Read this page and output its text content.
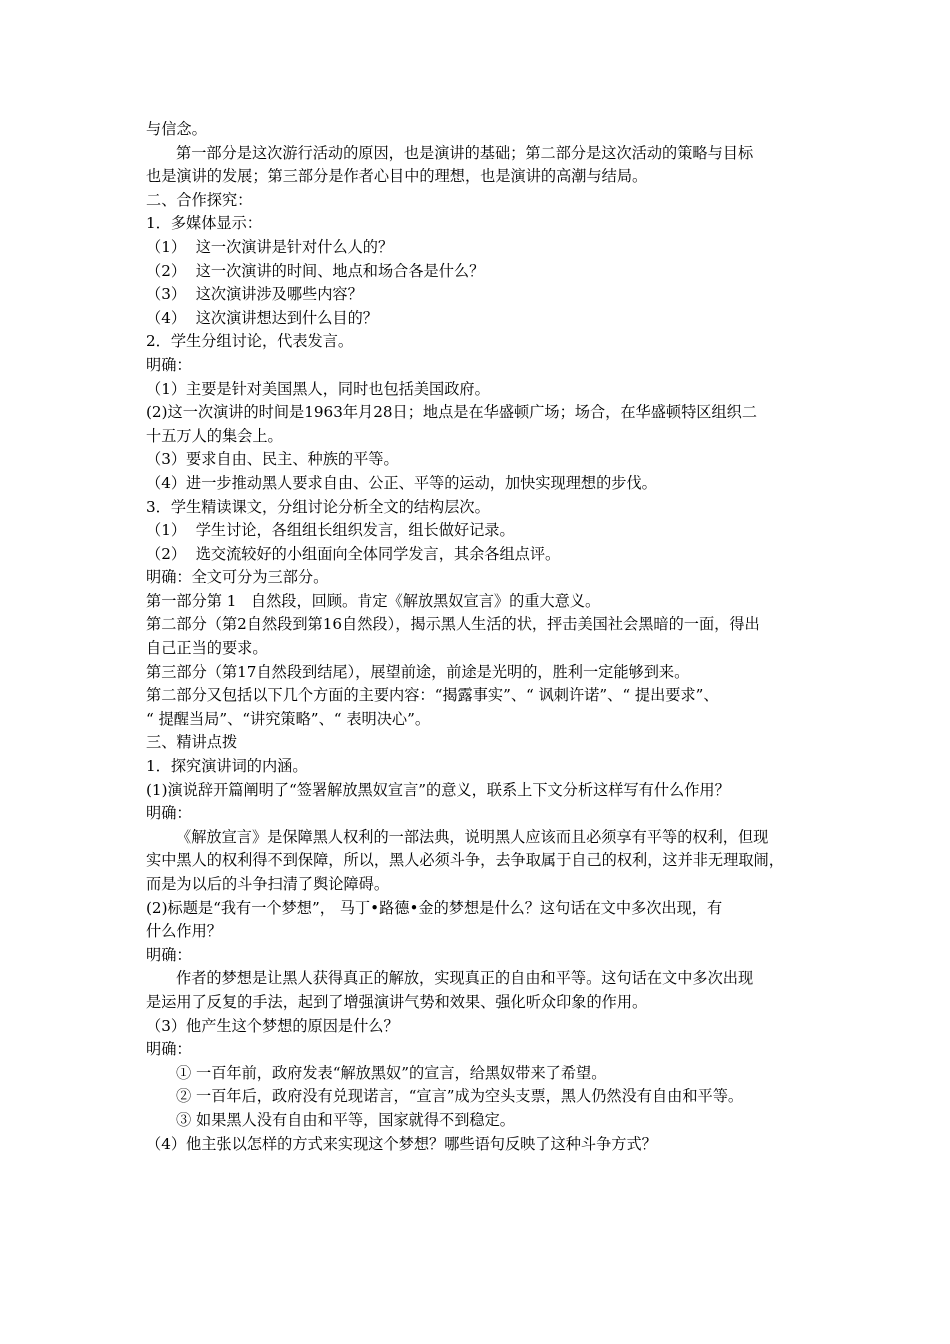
与信念。
第一部分是这次游行活动的原因，也是演讲的基础；第二部分是这次活动的策略与目标
也是演讲的发展；第三部分是作者心目中的理想，也是演讲的高潮与结局。
二、合作探究：
1．多媒体显示：
（1）  这一次演讲是针对什么人的？
（2）  这一次演讲的时间、地点和场合各是什么？
（3）  这次演讲涉及哪些内容？
（4）  这次演讲想达到什么目的？
2．学生分组讨论，代表发言。
明确：
（1）主要是针对美国黑人，同时也包括美国政府。
(2)这一次演讲的时间是1963年月28日；地点是在华盛顿广场；场合，在华盛顿特区组织二
十五万人的集会上。
（3）要求自由、民主、种族的平等。
（4）进一步推动黑人要求自由、公正、平等的运动，加快实现理想的步伐。
3．学生精读课文，分组讨论分析全文的结构层次。
（1）  学生讨论，各组组长组织发言，组长做好记录。
（2）  选交流较好的小组面向全体同学发言，其余各组点评。
明确：全文可分为三部分。
第一部分第 1   自然段，回顾。肯定《解放黑奴宣言》的重大意义。
第二部分（第2自然段到第16自然段），揭示黑人生活的状，抨击美国社会黑暗的一面，得出
自己正当的要求。
第三部分（第17自然段到结尾），展望前途，前途是光明的，胜利一定能够到来。
第二部分又包括以下几个方面的主要内容：“揭露事实”、“ 讽刺许诺”、“ 提出要求”、
“ 提醒当局”、“讲究策略”、“ 表明决心”。
三、精讲点拨
1．探究演讲词的内涵。
(1)演说辞开篇阐明了“签署解放黑奴宣言”的意义，联系上下文分析这样写有什么作用？
明确：
《解放宣言》是保障黑人权利的一部法典，说明黑人应该而且必须享有平等的权利，但现
实中黑人的权利得不到保障，所以，黑人必须斗争，去争取属于自己的权利，这并非无理取闹，
而是为以后的斗争扫清了舆论障碍。
(2)标题是“我有一个梦想”， 马丁•路德•金的梦想是什么？这句话在文中多次出现，有
什么作用？
明确：
作者的梦想是让黑人获得真正的解放，实现真正的自由和平等。这句话在文中多次出现
是运用了反复的手法，起到了增强演讲气势和效果、强化听众印象的作用。
（3）他产生这个梦想的原因是什么？
明确：
① 一百年前，政府发表“解放黑奴”的宣言，给黑奴带来了希望。
② 一百年后，政府没有兑现诺言，“宣言”成为空头支票，黑人仍然没有自由和平等。
③ 如果黑人没有自由和平等，国家就得不到稳定。
（4）他主张以怎样的方式来实现这个梦想？哪些语句反映了这种斗争方式？
